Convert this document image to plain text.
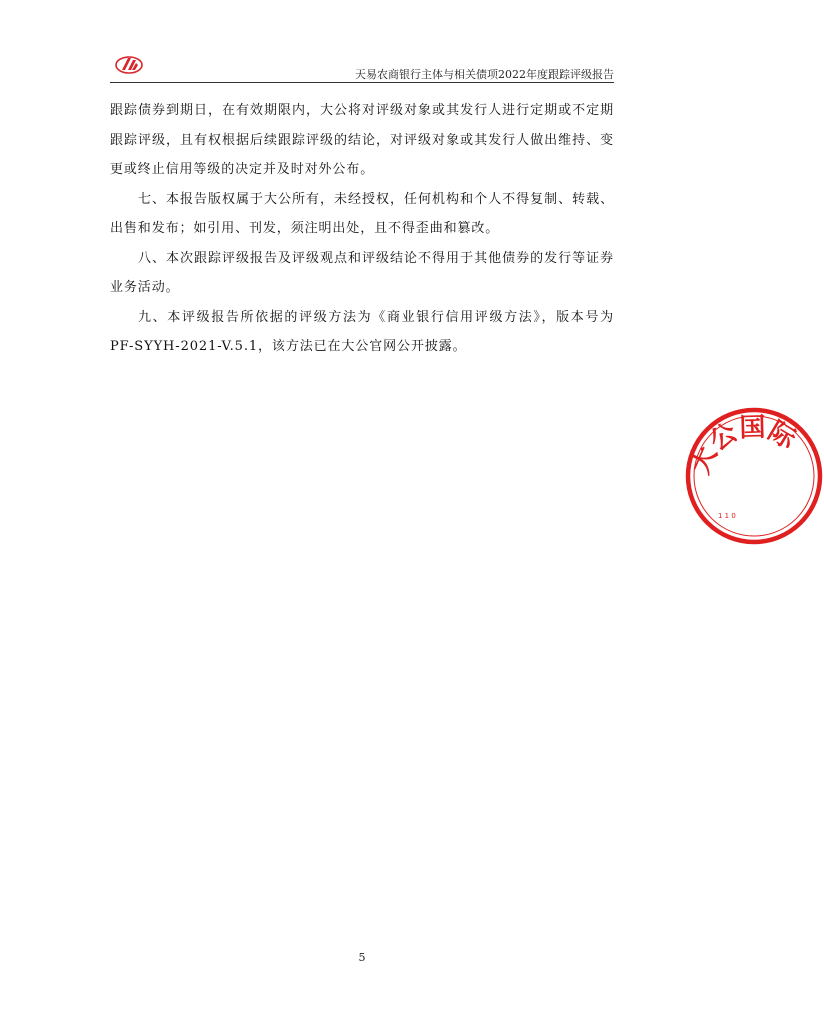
天易农商银行主体与相关债项2022年度跟踪评级报告

跟踪债券到期日，在有效期限内，大公将对评级对象或其发行人进行定期或不定期跟踪评级，且有权根据后续跟踪评级的结论，对评级对象或其发行人做出维持、变更或终止信用等级的决定并及时对外公布。

七、本报告版权属于大公所有，未经授权，任何机构和个人不得复制、转载、出售和发布；如引用、刊发，须注明出处，且不得歪曲和篡改。

八、本次跟踪评级报告及评级观点和评级结论不得用于其他债券的发行等证券业务活动。

九、本评级报告所依据的评级方法为《商业银行信用评级方法》，版本号为PF-SYYH-2021-V.5.1，该方法已在大公官网公开披露。

大公国际
1 1 0
5
